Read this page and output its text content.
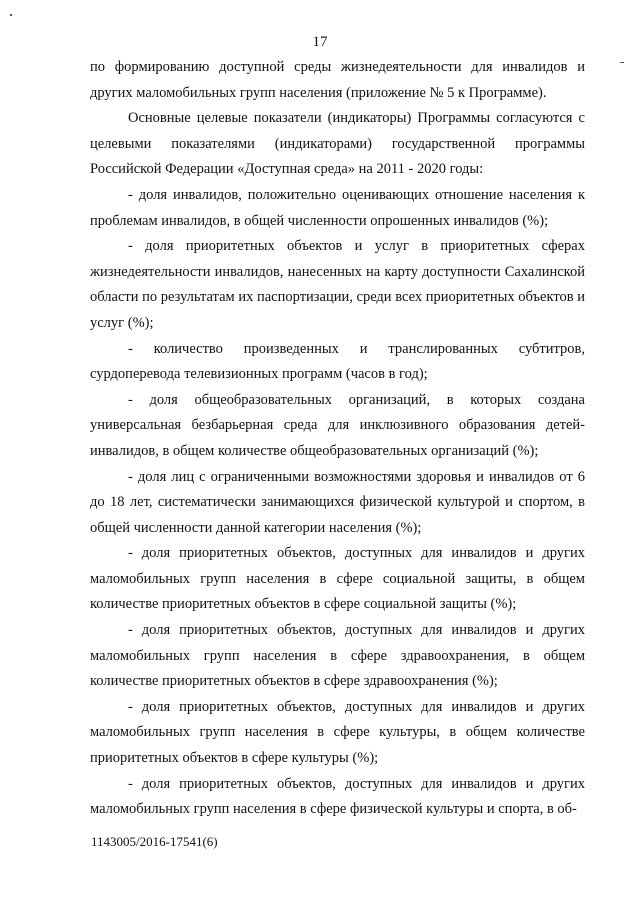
17

по формированию доступной среды жизнедеятельности для инвалидов и других маломобильных групп населения (приложение № 5 к Программе).

Основные целевые показатели (индикаторы) Программы согласуются с целевыми показателями (индикаторами) государственной программы Российской Федерации «Доступная среда» на 2011 - 2020 годы:

- доля инвалидов, положительно оценивающих отношение населения к проблемам инвалидов, в общей численности опрошенных инвалидов (%);

- доля приоритетных объектов и услуг в приоритетных сферах жизнедеятельности инвалидов, нанесенных на карту доступности Сахалинской области по результатам их паспортизации, среди всех приоритетных объектов и услуг (%);

- количество произведенных и транслированных субтитров, сурдоперевода телевизионных программ (часов в год);

- доля общеобразовательных организаций, в которых создана универсальная безбарьерная среда для инклюзивного образования детей-инвалидов, в общем количестве общеобразовательных организаций (%);

- доля лиц с ограниченными возможностями здоровья и инвалидов от 6 до 18 лет, систематически занимающихся физической культурой и спортом, в общей численности данной категории населения (%);

- доля приоритетных объектов, доступных для инвалидов и других маломобильных групп населения в сфере социальной защиты, в общем количестве приоритетных объектов в сфере социальной защиты (%);

- доля приоритетных объектов, доступных для инвалидов и других маломобильных групп населения в сфере здравоохранения, в общем количестве приоритетных объектов в сфере здравоохранения (%);

- доля приоритетных объектов, доступных для инвалидов и других маломобильных групп населения в сфере культуры, в общем количестве приоритетных объектов в сфере культуры (%);

- доля приоритетных объектов, доступных для инвалидов и других маломобильных групп населения в сфере физической культуры и спорта, в об-

1143005/2016-17541(6)
